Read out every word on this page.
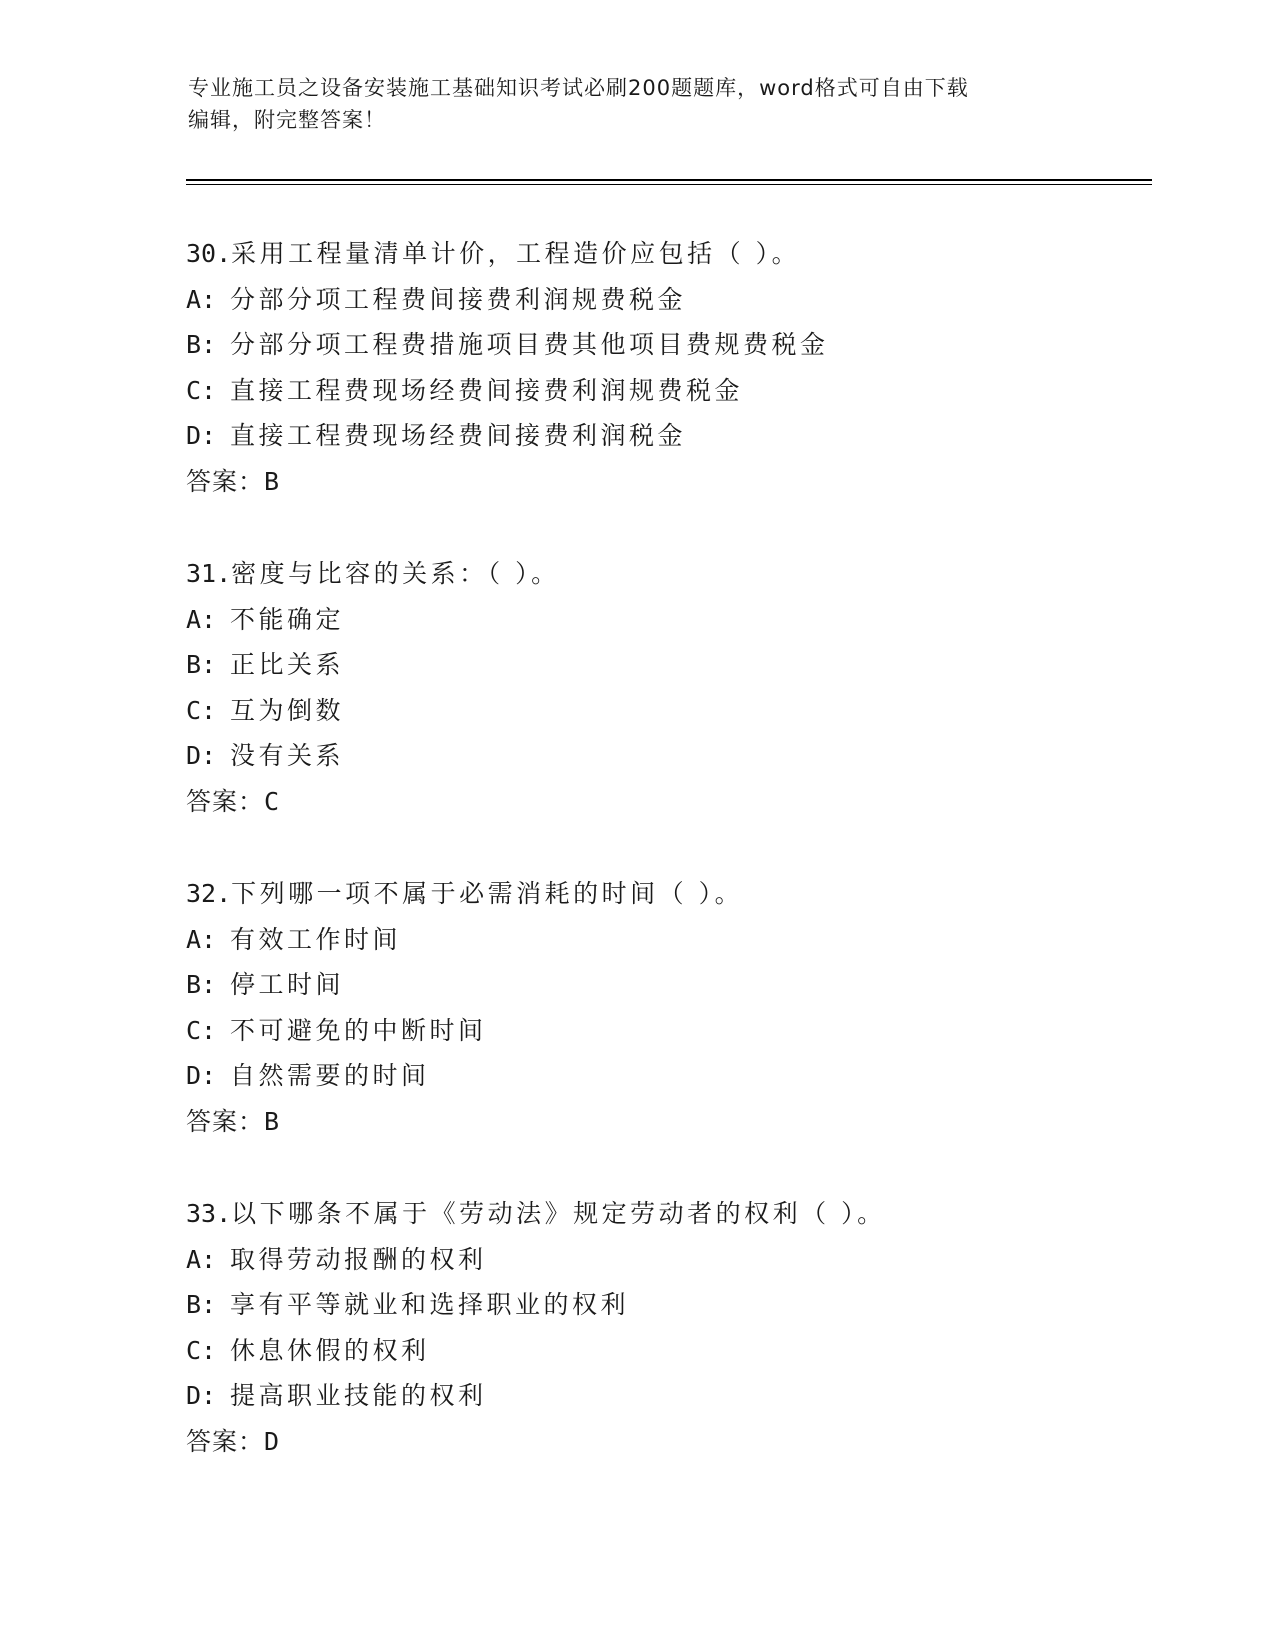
专业施工员之设备安装施工基础知识考试必刷200题题库，word格式可自由下载
编辑，附完整答案！
30.采用工程量清单计价，工程造价应包括（ ）。
A: 分部分项工程费间接费利润规费税金
B: 分部分项工程费措施项目费其他项目费规费税金
C: 直接工程费现场经费间接费利润规费税金
D: 直接工程费现场经费间接费利润税金
答案：B
31.密度与比容的关系：（ ）。
A: 不能确定
B: 正比关系
C: 互为倒数
D: 没有关系
答案：C
32.下列哪一项不属于必需消耗的时间（ ）。
A: 有效工作时间
B: 停工时间
C: 不可避免的中断时间
D: 自然需要的时间
答案：B
33.以下哪条不属于《劳动法》规定劳动者的权利（ ）。
A: 取得劳动报酬的权利
B: 享有平等就业和选择职业的权利
C: 休息休假的权利
D: 提高职业技能的权利
答案：D
